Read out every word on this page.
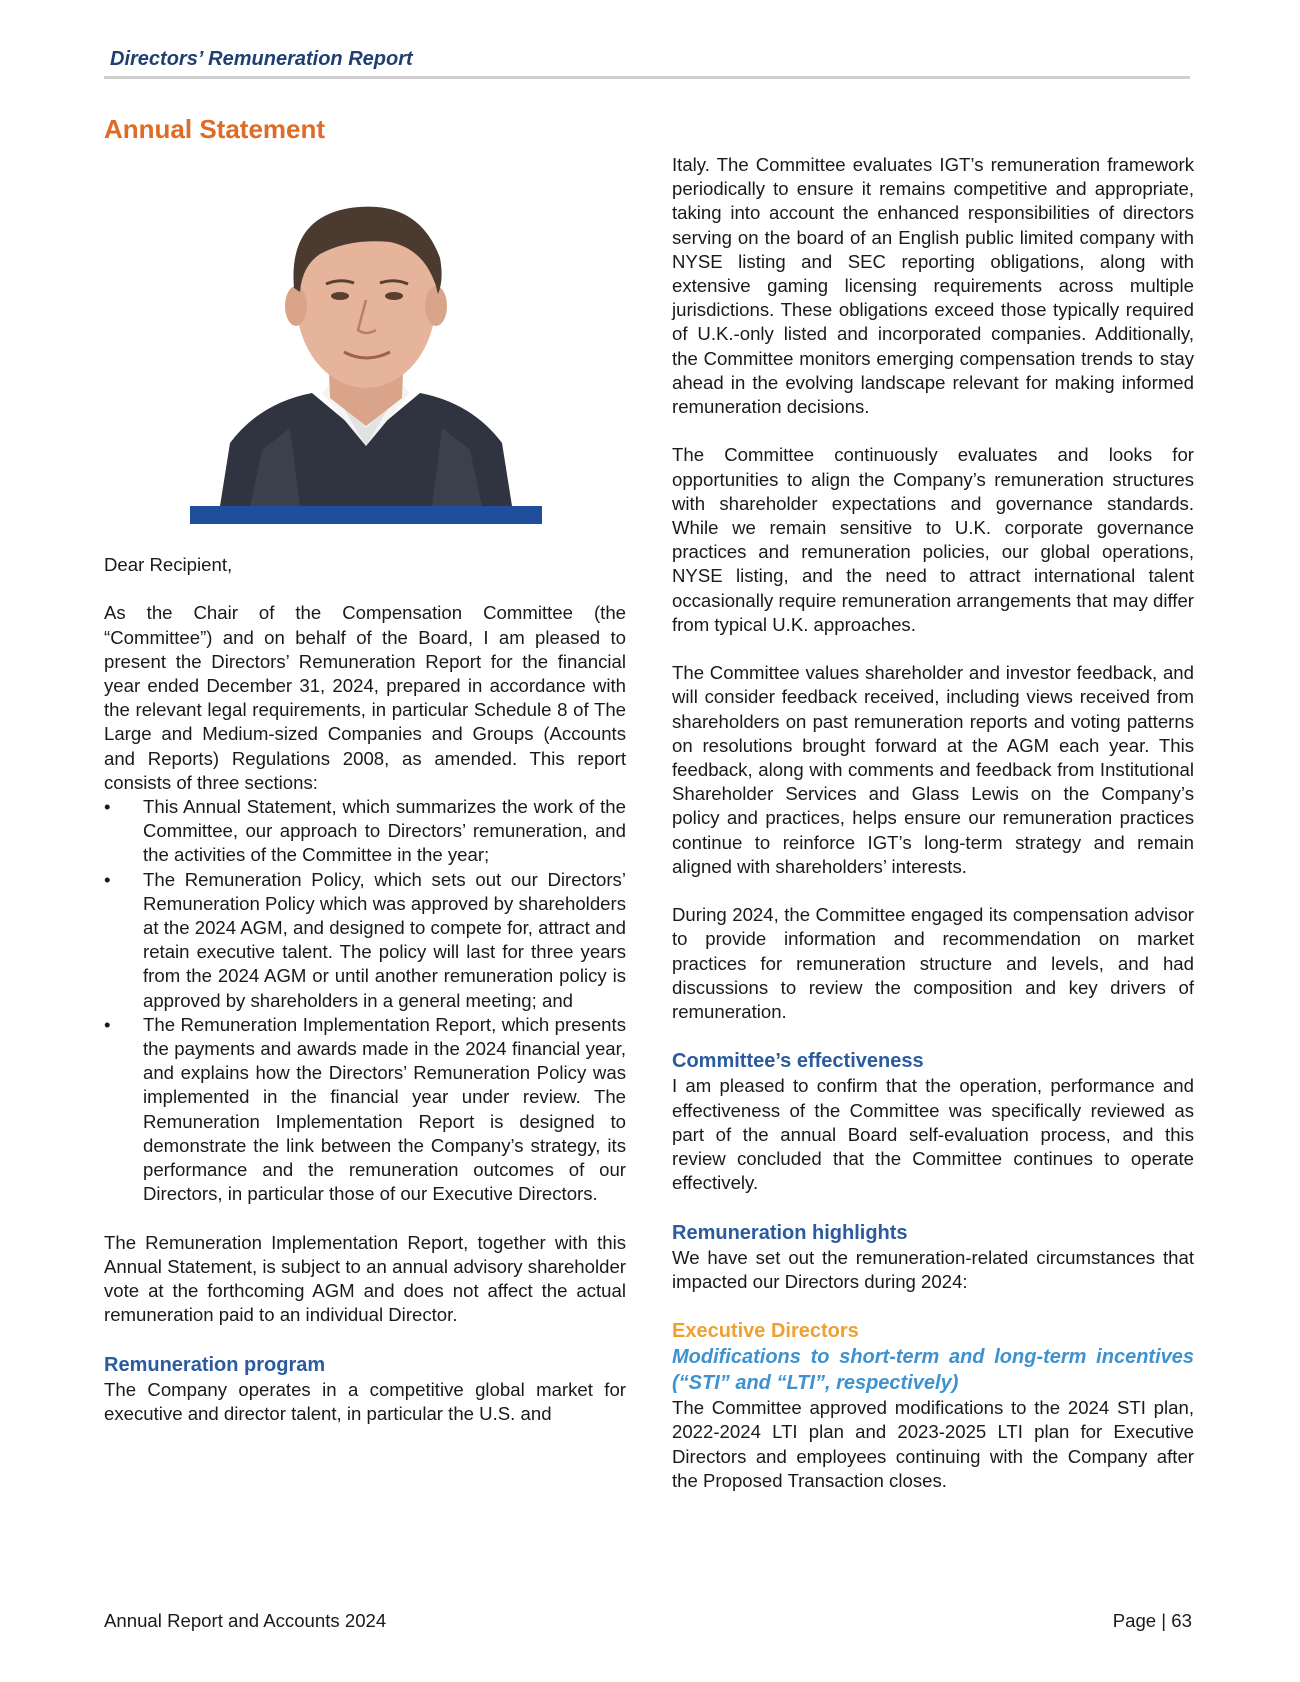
Directors’ Remuneration Report
Annual Statement

Dear Recipient,

As the Chair of the Compensation Committee (the “Committee”) and on behalf of the Board, I am pleased to present the Directors’ Remuneration Report for the financial year ended December 31, 2024, prepared in accordance with the relevant legal requirements, in particular Schedule 8 of The Large and Medium-sized Companies and Groups (Accounts and Reports) Regulations 2008, as amended. This report consists of three sections:

• This Annual Statement, which summarizes the work of the Committee, our approach to Directors’ remuneration, and the activities of the Committee in the year;
• The Remuneration Policy, which sets out our Directors’ Remuneration Policy which was approved by shareholders at the 2024 AGM, and designed to compete for, attract and retain executive talent. The policy will last for three years from the 2024 AGM or until another remuneration policy is approved by shareholders in a general meeting; and
• The Remuneration Implementation Report, which presents the payments and awards made in the 2024 financial year, and explains how the Directors’ Remuneration Policy was implemented in the financial year under review. The Remuneration Implementation Report is designed to demonstrate the link between the Company’s strategy, its performance and the remuneration outcomes of our Directors, in particular those of our Executive Directors.

The Remuneration Implementation Report, together with this Annual Statement, is subject to an annual advisory shareholder vote at the forthcoming AGM and does not affect the actual remuneration paid to an individual Director.

Remuneration program

The Company operates in a competitive global market for executive and director talent, in particular the U.S. and

Italy. The Committee evaluates IGT’s remuneration framework periodically to ensure it remains competitive and appropriate, taking into account the enhanced responsibilities of directors serving on the board of an English public limited company with NYSE listing and SEC reporting obligations, along with extensive gaming licensing requirements across multiple jurisdictions. These obligations exceed those typically required of U.K.-only listed and incorporated companies. Additionally, the Committee monitors emerging compensation trends to stay ahead in the evolving landscape relevant for making informed remuneration decisions.

The Committee continuously evaluates and looks for opportunities to align the Company’s remuneration structures with shareholder expectations and governance standards. While we remain sensitive to U.K. corporate governance practices and remuneration policies, our global operations, NYSE listing, and the need to attract international talent occasionally require remuneration arrangements that may differ from typical U.K. approaches.

The Committee values shareholder and investor feedback, and will consider feedback received, including views received from shareholders on past remuneration reports and voting patterns on resolutions brought forward at the AGM each year. This feedback, along with comments and feedback from Institutional Shareholder Services and Glass Lewis on the Company’s policy and practices, helps ensure our remuneration practices continue to reinforce IGT’s long-term strategy and remain aligned with shareholders’ interests.

During 2024, the Committee engaged its compensation advisor to provide information and recommendation on market practices for remuneration structure and levels, and had discussions to review the composition and key drivers of remuneration.

Committee’s effectiveness

I am pleased to confirm that the operation, performance and effectiveness of the Committee was specifically reviewed as part of the annual Board self-evaluation process, and this review concluded that the Committee continues to operate effectively.

Remuneration highlights

We have set out the remuneration-related circumstances that impacted our Directors during 2024:

Executive Directors
Modifications to short-term and long-term incentives (“STI” and “LTI”, respectively)

The Committee approved modifications to the 2024 STI plan, 2022-2024 LTI plan and 2023-2025 LTI plan for Executive Directors and employees continuing with the Company after the Proposed Transaction closes.

Annual Report and Accounts 2024	Page | 63
